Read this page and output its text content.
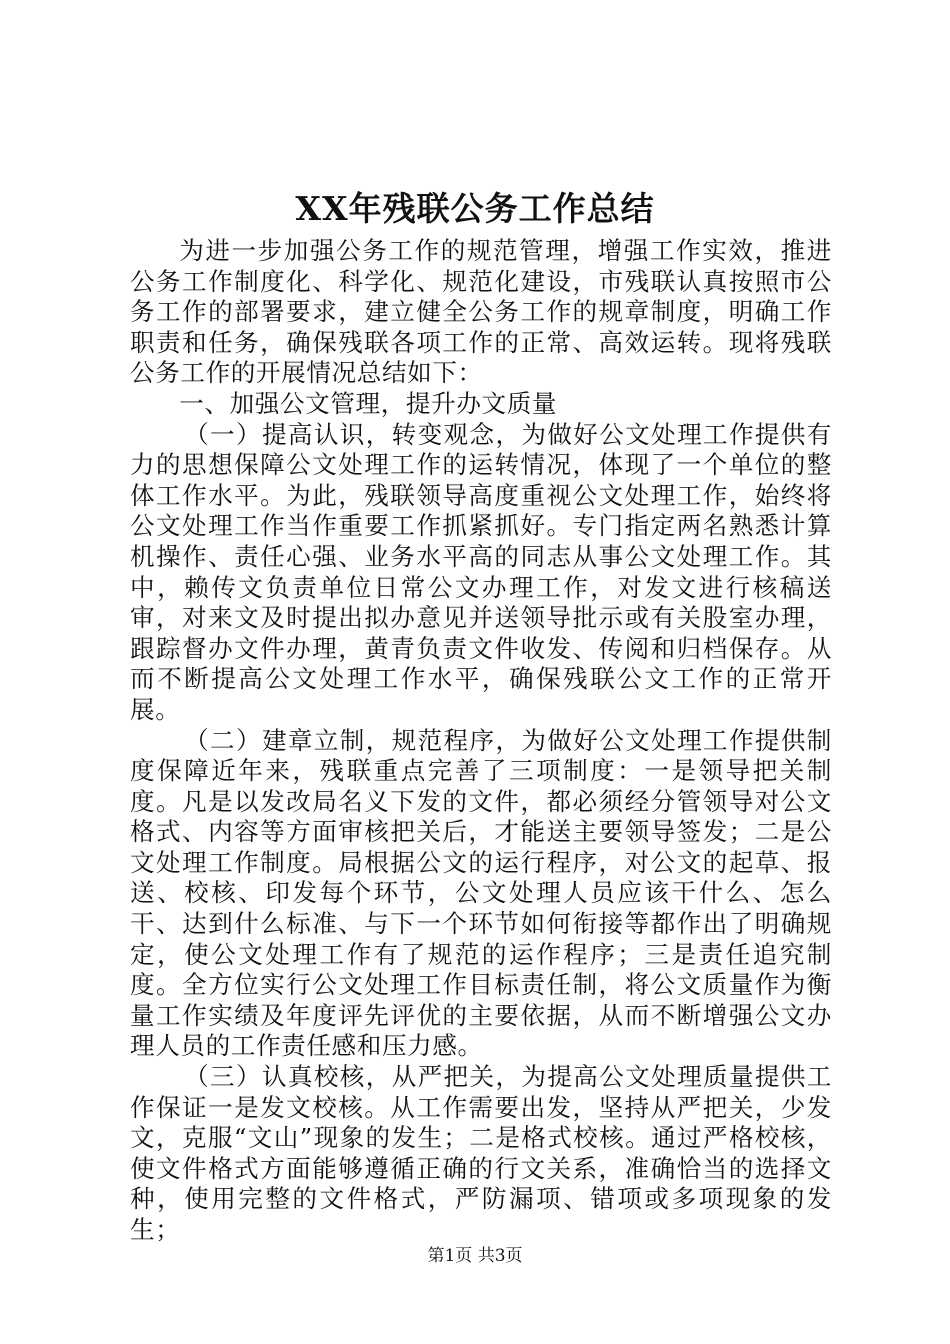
XX年残联公务工作总结

为进一步加强公务工作的规范管理，增强工作实效，推进公务工作制度化、科学化、规范化建设，市残联认真按照市公务工作的部署要求，建立健全公务工作的规章制度，明确工作职责和任务，确保残联各项工作的正常、高效运转。现将残联公务工作的开展情况总结如下：

一、加强公文管理，提升办文质量

（一）提高认识，转变观念，为做好公文处理工作提供有力的思想保障公文处理工作的运转情况，体现了一个单位的整体工作水平。为此，残联领导高度重视公文处理工作，始终将公文处理工作当作重要工作抓紧抓好。专门指定两名熟悉计算机操作、责任心强、业务水平高的同志从事公文处理工作。其中，赖传文负责单位日常公文办理工作，对发文进行核稿送审，对来文及时提出拟办意见并送领导批示或有关股室办理，跟踪督办文件办理，黄青负责文件收发、传阅和归档保存。从而不断提高公文处理工作水平，确保残联公文工作的正常开展。

（二）建章立制，规范程序，为做好公文处理工作提供制度保障近年来，残联重点完善了三项制度：一是领导把关制度。凡是以发改局名义下发的文件，都必须经分管领导对公文格式、内容等方面审核把关后，才能送主要领导签发；二是公文处理工作制度。局根据公文的运行程序，对公文的起草、报送、校核、印发每个环节，公文处理人员应该干什么、怎么干、达到什么标准、与下一个环节如何衔接等都作出了明确规定，使公文处理工作有了规范的运作程序；三是责任追究制度。全方位实行公文处理工作目标责任制，将公文质量作为衡量工作实绩及年度评先评优的主要依据，从而不断增强公文办理人员的工作责任感和压力感。

（三）认真校核，从严把关，为提高公文处理质量提供工作保证一是发文校核。从工作需要出发，坚持从严把关，少发文，克服“文山”现象的发生；二是格式校核。通过严格校核，使文件格式方面能够遵循正确的行文关系，准确恰当的选择文种，使用完整的文件格式，严防漏项、错项或多项现象的发生；

第1页 共3页
